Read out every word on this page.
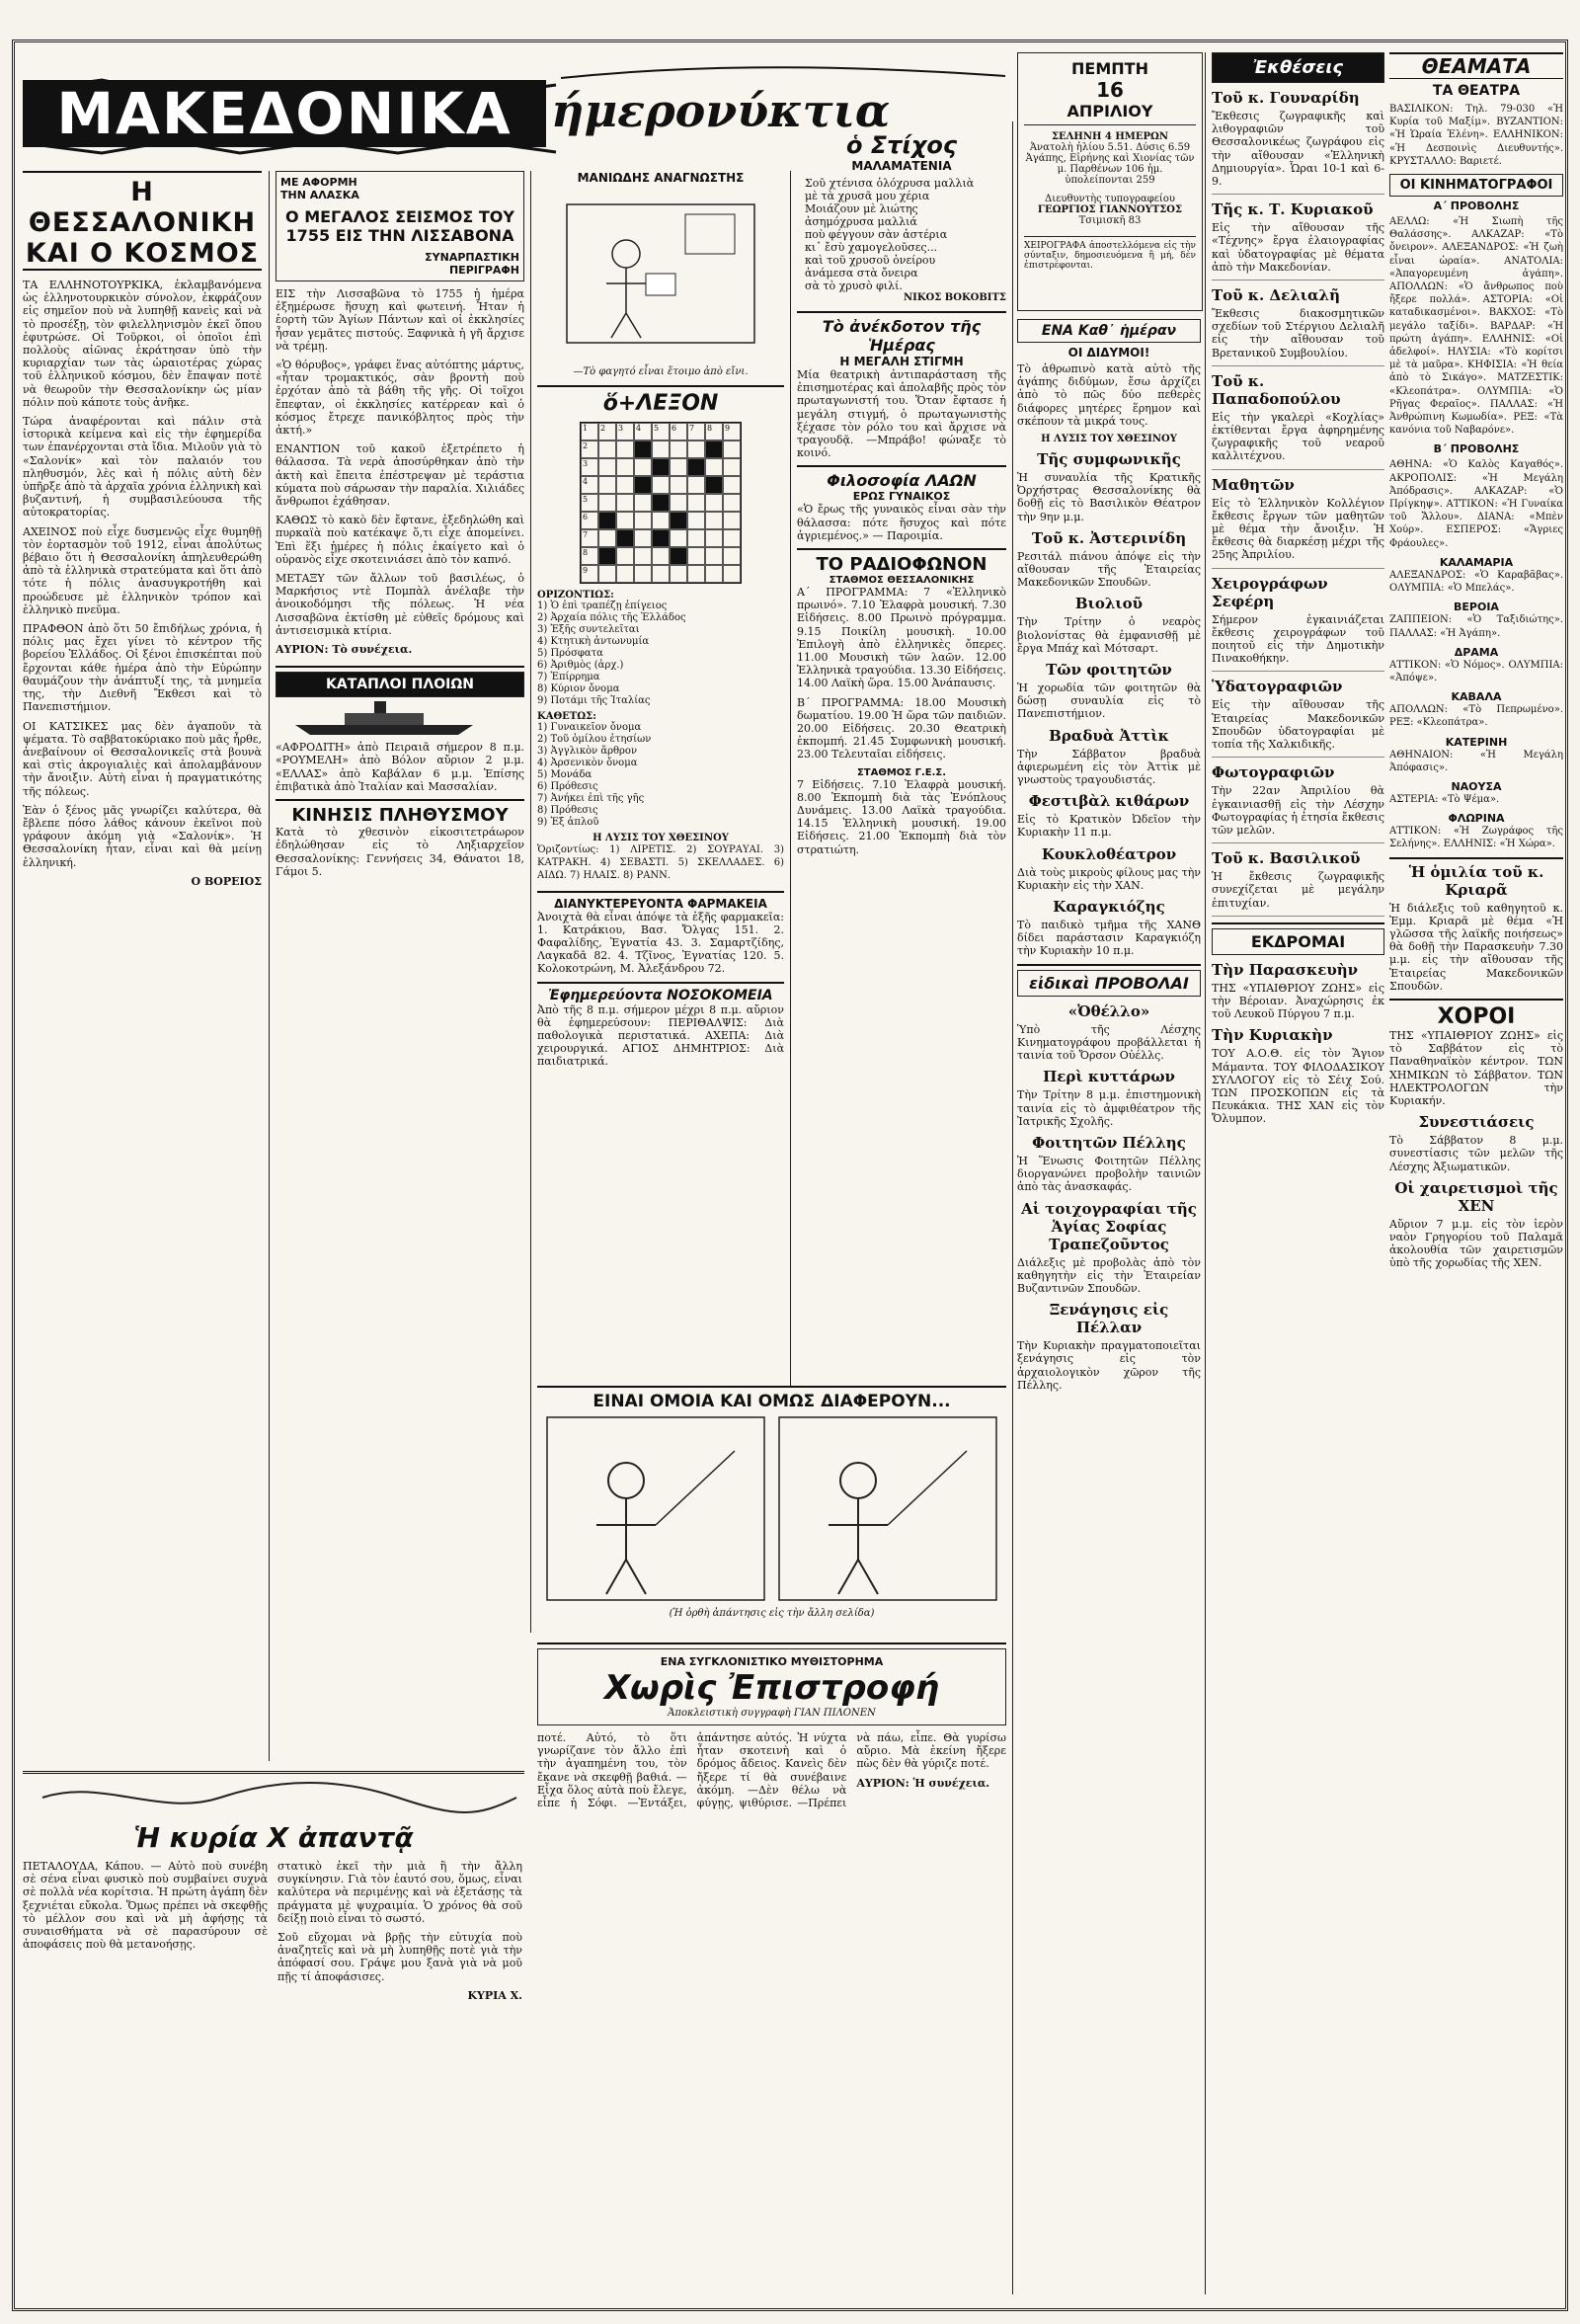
ΜΑΚΕΔΟΝΙΚΑ ήμερονύκτια
ΠΕΜΠΤΗ
16
ΑΠΡΙΛΙΟΥ
ΣΕΛΗΝΗ 4 ΗΜΕΡΩΝ
Ἀνατολὴ ἡλίου 5.51. Δύσις 6.59
Ἀγάπης, Εἰρήνης καὶ Χιονίας τῶν μ. Παρθένων 106 ἡμ. ὑπολείπονται 259
Διευθυντὴς τυπογραφείου
ΓΕΩΡΓΙΟΣ ΓΙΑΝΝΟΥΤΣΟΣ
Τσιμισκῆ 83
ΧΕΙΡΟΓΡΑΦΑ ἀποστελλόμενα εἰς τὴν σύνταξιν, δημοσιευόμενα ἢ μή, δὲν ἐπιστρέφονται.
Η ΘΕΣΣΑΛΟΝΙΚΗ
ΚΑΙ Ο ΚΟΣΜΟΣ

ΤΑ ΕΛΛΗΝΟΤΟΥΡΚΙΚΑ, ἐκλαμβανόμενα ὡς ἑλληνοτουρκικὸν σύνολον, ἐκφράζουν εἰς σημεῖον ποὺ νὰ λυπηθῇ κανεὶς καὶ νὰ τὸ προσέξῃ, τὸν φιλελληνισμὸν ἐκεῖ ὅπου ἐφυτρώσε. Οἱ Τοῦρκοι, οἱ ὁποῖοι ἐπὶ πολλοὺς αἰῶνας ἐκράτησαν ὑπὸ τὴν κυριαρχίαν των τὰς ὡραιοτέρας χώρας τοῦ ἑλληνικοῦ κόσμου, δὲν ἔπαψαν ποτὲ νὰ θεωροῦν τὴν Θεσσαλονίκην ὡς μίαν πόλιν ποὺ κάποτε τοὺς ἀνῆκε.

Τώρα ἀναφέρονται καὶ πάλιν στὰ ἰστορικὰ κείμενα καὶ εἰς τὴν ἐφημερίδα των ἐπανέρχονται στὰ ἴδια. Μιλοῦν γιὰ τὸ «Σαλονίκ» καὶ τὸν παλαιόν του πληθυσμόν, λὲς καὶ ἡ πόλις αὐτὴ δὲν ὑπῆρξε ἀπὸ τὰ ἀρχαῖα χρόνια ἑλληνικὴ καὶ βυζαντινή, ἡ συμβασιλεύουσα τῆς αὐτοκρατορίας.

ΑΧΕΙΝΟΣ ποὺ εἶχε δυσμενῶς εἶχε θυμηθῇ τὸν ἑορτασμὸν τοῦ 1912, εἶναι ἀπολύτως βέβαιο ὅτι ἡ Θεσσαλονίκη ἀπηλευθερώθη ἀπὸ τὰ ἑλληνικὰ στρατεύματα καὶ ὅτι ἀπὸ τότε ἡ πόλις ἀνασυγκροτήθη καὶ προώδευσε μὲ ἑλληνικὸν τρόπον καὶ ἑλληνικὸ πνεῦμα.

ΠΡΑΦΘΟΝ ἀπὸ ὅτι 50 ἔπιδήλως χρόνια, ἡ πόλις μας ἔχει γίνει τὸ κέντρον τῆς βορείου Ἑλλάδος. Οἱ ξένοι ἐπισκέπται ποὺ ἔρχονται κάθε ἡμέρα ἀπὸ τὴν Εὐρώπην θαυμάζουν τὴν ἀνάπτυξί της, τὰ μνημεῖα της, τὴν Διεθνῆ Ἔκθεσι καὶ τὸ Πανεπιστήμιον.

ΟΙ ΚΑΤΣΙΚΕΣ μας δὲν ἀγαποῦν τὰ ψέματα. Τὸ σαββατοκύριακο ποὺ μᾶς ἦρθε, ἀνεβαίνουν οἱ Θεσσαλονικεῖς στὰ βουνὰ καὶ στὶς ἀκρογιαλιὲς καὶ ἀπολαμβάνουν τὴν ἄνοιξιν. Αὐτὴ εἶναι ἡ πραγματικότης τῆς πόλεως.

Ἐὰν ὁ ξένος μᾶς γνωρίζει καλύτερα, θὰ ἔβλεπε πόσο λάθος κάνουν ἐκεῖνοι ποὺ γράφουν ἀκόμη γιὰ «Σαλονίκ». Ἡ Θεσσαλονίκη ἦταν, εἶναι καὶ θὰ μείνῃ ἑλληνική.

Ο ΒΟΡΕΙΟΣ

ΜΕ ΑΦΟΡΜΗ
ΤΗΝ ΑΛΑΣΚΑ
Ο ΜΕΓΑΛΟΣ ΣΕΙΣΜΟΣ ΤΟΥ 1755 ΕΙΣ ΤΗΝ ΛΙΣΣΑΒΟΝΑ
ΣΥΝΑΡΠΑΣΤΙΚΗ
ΠΕΡΙΓΡΑΦΗ

ΕΙΣ τὴν Λισσαβῶνα τὸ 1755 ἡ ἡμέρα ἐξημέρωσε ἥσυχη καὶ φωτεινή. Ἦταν ἡ ἑορτὴ τῶν Ἁγίων Πάντων καὶ οἱ ἐκκλησίες ἦσαν γεμᾶτες πιστούς. Ξαφνικὰ ἡ γῆ ἄρχισε νὰ τρέμῃ.

«Ὁ θόρυβος», γράφει ἕνας αὐτόπτης μάρτυς, «ἦταν τρομακτικός, σὰν βροντὴ ποὺ ἐρχόταν ἀπὸ τὰ βάθη τῆς γῆς. Οἱ τοῖχοι ἔπεφταν, οἱ ἐκκλησίες κατέρρεαν καὶ ὁ κόσμος ἔτρεχε πανικόβλητος πρὸς τὴν ἀκτή.»

ΕΝΑΝΤΙΟΝ τοῦ κακοῦ ἐξετρέπετο ἡ θάλασσα. Τὰ νερὰ ἀποσύρθηκαν ἀπὸ τὴν ἀκτὴ καὶ ἔπειτα ἐπέστρεψαν μὲ τεράστια κύματα ποὺ σάρωσαν τὴν παραλία. Χιλιάδες ἄνθρωποι ἐχάθησαν.

ΚΑΘΩΣ τὸ κακὸ δὲν ἔφτανε, ἐξεδηλώθη καὶ πυρκαϊὰ ποὺ κατέκαψε ὅ,τι εἶχε ἀπομείνει. Ἐπὶ ἕξι ἡμέρες ἡ πόλις ἐκαίγετο καὶ ὁ οὐρανὸς εἶχε σκοτεινιάσει ἀπὸ τὸν καπνό.

ΜΕΤΑΞΥ τῶν ἄλλων τοῦ βασιλέως, ὁ Μαρκήσιος ντὲ Πομπὰλ ἀνέλαβε τὴν ἀνοικοδόμησι τῆς πόλεως. Ἡ νέα Λισσαβῶνα ἐκτίσθη μὲ εὐθεῖς δρόμους καὶ ἀντισεισμικὰ κτίρια.

ΑΥΡΙΟΝ: Τὸ συνέχεια.

ΚΑΤΑΠΛΟΙ ΠΛΟΙΩΝ

«ΑΦΡΟΔΙΤΗ» ἀπὸ Πειραιᾶ σήμερον 8 π.μ. «ΡΟΥΜΕΛΗ» ἀπὸ Βόλον αὔριον 2 μ.μ. «ΕΛΛΑΣ» ἀπὸ Καβάλαν 6 μ.μ. Ἐπίσης ἐπιβατικὰ ἀπὸ Ἰταλίαν καὶ Μασσαλίαν.

ΚΙΝΗΣΙΣ ΠΛΗΘΥΣΜΟΥ

Κατὰ τὸ χθεσινὸν εἰκοσιτετράωρον ἐδηλώθησαν εἰς τὸ Ληξιαρχεῖον Θεσσαλονίκης: Γεννήσεις 34, Θάνατοι 18, Γάμοι 5.

ΜΑΝΙΩΔΗΣ ΑΝΑΓΝΩΣΤΗΣ
—Τὸ φαγητό εἶναι ἕτοιμο ἀπὸ εἴνι.
ὅ+ΛΕΞΟΝ
1	2	3	4	5	6	7	8	9
2
3
4
5
6
7
8
9
ΟΡΙΖΟΝΤΙΩΣ:
1) Ὁ ἐπὶ τραπέζῃ ἐπίγειος
2) Ἀρχαία πόλις τῆς Ἑλλάδος
3) Ἐξῆς συντελεῖται
4) Κτητικὴ ἀντωνυμία
5) Πρόσφατα
6) Ἀριθμὸς (ἀρχ.)
7) Ἐπίρρημα
8) Κύριον ὄνομα
9) Ποτάμι τῆς Ἰταλίας
ΚΑΘΕΤΩΣ:
1) Γυναικεῖον ὄνομα
2) Τοῦ ὁμίλου ἐτησίων
3) Ἀγγλικὸν ἄρθρον
4) Ἀρσενικὸν ὄνομα
5) Μονάδα
6) Πρόθεσις
7) Ἀνήκει ἐπὶ τῆς γῆς
8) Πρόθεσις
9) Ἐξ ἀπλοῦ
Η ΛΥΣΙΣ ΤΟΥ ΧΘΕΣΙΝΟΥ

Ὁριζοντίως: 1) ΛΙΡΕΤΙΣ. 2) ΣΟΥΡΑΥΑΙ. 3) ΚΑΤΡΑΚΗ. 4) ΣΕΒΑΣΤΙ. 5) ΣΚΕΛΛΑΔΕΣ. 6) ΑΙΔΩ. 7) ΗΛΑΙΣ. 8) ΡΑΝΝ.

ΔΙΑΝΥΚΤΕΡΕΥΟΝΤΑ ΦΑΡΜΑΚΕΙΑ

Ἀνοιχτὰ θὰ εἶναι ἀπόψε τὰ ἑξῆς φαρμακεῖα: 1. Κατράκιου, Βασ. Ὄλγας 151. 2. Φαφαλίδης, Ἐγνατία 43. 3. Σαμαρτζίδης, Λαγκαδᾶ 82. 4. Τζῖνος, Ἐγνατίας 120. 5. Κολοκοτρώνη, Μ. Ἀλεξάνδρου 72.

Ἐφημερεύοντα ΝΟΣΟΚΟΜΕΙΑ

Ἀπὸ τῆς 8 π.μ. σήμερον μέχρι 8 π.μ. αὔριον θὰ ἐφημερεύσουν: ΠΕΡΙΘΑΛΨΙΣ: Διὰ παθολογικὰ περιστατικά. ΑΧΕΠΑ: Διὰ χειρουργικά. ΑΓΙΟΣ ΔΗΜΗΤΡΙΟΣ: Διὰ παιδιατρικά.

ὁ Στίχος
ΜΑΛΑΜΑΤΕΝΙΑ
Σοῦ χτένισα ὁλόχρυσα μαλλιὰ
μὲ τὰ χρυσᾶ μου χέρια
Μοιάζουν μὲ λιώτης
ἀσημόχρυσα μαλλιά
ποὺ φέγγουν σὰν ἀστέρια
κι᾿ ἔσὺ χαμογελοῦσες...
καὶ τοῦ χρυσοῦ ὀνείρου
ἀνάμεσα στὰ ὄνειρα
σὰ τὸ χρυσὸ φιλί.
ΝΙΚΟΣ ΒΟΚΟΒΙΤΣ
Τὸ ἀνέκδοτον τῆς Ἡμέρας
Η ΜΕΓΑΛΗ ΣΤΙΓΜΗ

Μία θεατρικὴ ἀντιπαράσταση τῆς ἐπισημοτέρας καὶ ἀπολαβῆς πρὸς τὸν πρωταγωνιστή του. Ὅταν ἔφτασε ἡ μεγάλη στιγμή, ὁ πρωταγωνιστὴς ξέχασε τὸν ρόλο του καὶ ἄρχισε νὰ τραγουδᾷ. —Μπράβο! φώναξε τὸ κοινό.

Φιλοσοφία ΛΑΩΝ
ΕΡΩΣ ΓΥΝΑΙΚΟΣ

«Ὁ ἔρως τῆς γυναικὸς εἶναι σὰν τὴν θάλασσα: πότε ἥσυχος καὶ πότε ἀγριεμένος.» — Παροιμία.

ΤΟ ΡΑΔΙΟΦΩΝΟΝ
ΣΤΑΘΜΟΣ ΘΕΣΣΑΛΟΝΙΚΗΣ

Α΄ ΠΡΟΓΡΑΜΜΑ: 7 «Ἑλληνικὸ πρωινό». 7.10 Ἐλαφρὰ μουσική. 7.30 Εἰδήσεις. 8.00 Πρωινὸ πρόγραμμα. 9.15 Ποικίλη μουσικὴ. 10.00 Ἐπιλογὴ ἀπὸ ἐλληνικὲς ὄπερες. 11.00 Μουσικὴ τῶν λαῶν. 12.00 Ἑλληνικὰ τραγούδια. 13.30 Εἰδήσεις. 14.00 Λαϊκὴ ὥρα. 15.00 Ἀνάπαυσις.

Β΄ ΠΡΟΓΡΑΜΜΑ: 18.00 Μουσικὴ δωματίου. 19.00 Ἡ ὥρα τῶν παιδιῶν. 20.00 Εἰδήσεις. 20.30 Θεατρικὴ ἐκπομπή. 21.45 Συμφωνικὴ μουσική. 23.00 Τελευταῖαι εἰδήσεις.

ΣΤΑΘΜΟΣ Γ.Ε.Σ.

7 Εἰδήσεις. 7.10 Ἐλαφρὰ μουσική. 8.00 Ἐκπομπὴ διὰ τὰς Ἐνόπλους Δυνάμεις. 13.00 Λαϊκὰ τραγούδια. 14.15 Ἑλληνικὴ μουσική. 19.00 Εἰδήσεις. 21.00 Ἐκπομπὴ διὰ τὸν στρατιώτη.

ΕΝΑ Καθ᾿ ἡμέραν
ΟΙ ΔΙΔΥΜΟΙ!

Τὸ ἀθρωπινὸ κατὰ αὐτὸ τῆς ἀγάπης διδύμων, ἔσω ἀρχίζει ἀπὸ τὸ πῶς δύο πεθερὲς διάφορες μητέρες ἕρημον καὶ σκέπουν τὰ μικρά τους.

Η ΛΥΣΙΣ ΤΟΥ ΧΘΕΣΙΝΟΥ
Τῆς συμφωνικῆς

Ἡ συναυλία τῆς Κρατικῆς Ὀρχήστρας Θεσσαλονίκης θὰ δοθῇ εἰς τὸ Βασιλικὸν Θέατρον τὴν 9ην μ.μ.

Τοῦ κ. Ἀστερινίδη

Ρεσιτάλ πιάνου ἀπόψε εἰς τὴν αἴθουσαν τῆς Ἑταιρείας Μακεδονικῶν Σπουδῶν.

Βιολιοῦ

Τὴν Τρίτην ὁ νεαρὸς βιολονίστας θὰ ἐμφανισθῇ μὲ ἔργα Μπάχ καὶ Μότσαρτ.

Τῶν φοιτητῶν

Ἡ χορωδία τῶν φοιτητῶν θὰ δώσῃ συναυλία εἰς τὸ Πανεπιστήμιον.

Βραδυὰ Ἀττὶκ

Τὴν Σάββατον βραδυὰ ἀφιερωμένη εἰς τὸν Ἀττὶκ μὲ γνωστοὺς τραγουδιστάς.

Φεστιβὰλ κιθάρων

Εἰς τὸ Κρατικὸν Ὠδεῖον τὴν Κυριακὴν 11 π.μ.

Κουκλοθέατρον

Διὰ τοὺς μικροὺς φίλους μας τὴν Κυριακὴν εἰς τὴν ΧΑΝ.

Καραγκιόζης

Τὸ παιδικὸ τμῆμα τῆς ΧΑΝΘ δίδει παράστασιν Καραγκιόζη τὴν Κυριακὴν 10 π.μ.

εἰδικαὶ ΠΡΟΒΟΛΑΙ
«Ὀθέλλο»

Ὑπὸ τῆς Λέσχης Κινηματογράφου προβάλλεται ἡ ταινία τοῦ Ὄρσον Οὐέλλς.

Περὶ κυττάρων

Τὴν Τρίτην 8 μ.μ. ἐπιστημονικὴ ταινία εἰς τὸ ἀμφιθέατρον τῆς Ἰατρικῆς Σχολῆς.

Φοιτητῶν Πέλλης

Ἡ Ἕνωσις Φοιτητῶν Πέλλης διοργανώνει προβολὴν ταινιῶν ἀπὸ τὰς ἀνασκαφάς.

Αἱ τοιχογραφίαι τῆς Ἁγίας Σοφίας Τραπεζοῦντος

Διάλεξις μὲ προβολὰς ἀπὸ τὸν καθηγητὴν εἰς τὴν Ἑταιρείαν Βυζαντινῶν Σπουδῶν.

Ξενάγησις εἰς Πέλλαν

Τὴν Κυριακὴν πραγματοποιεῖται ξενάγησις εἰς τὸν ἀρχαιολογικὸν χῶρον τῆς Πέλλης.

Ἐκθέσεις
Τοῦ κ. Γουναρίδη

Ἔκθεσις ζωγραφικῆς καὶ λιθογραφιῶν τοῦ Θεσσαλονικέως ζωγράφου εἰς τὴν αἴθουσαν «Ἑλληνικὴ Δημιουργία». Ὧραι 10-1 καὶ 6-9.

Τῆς κ. Τ. Κυριακοῦ

Εἰς τὴν αἴθουσαν τῆς «Τέχνης» ἔργα ἐλαιογραφίας καὶ ὑδατογραφίας μὲ θέματα ἀπὸ τὴν Μακεδονίαν.

Τοῦ κ. Δελιαλῆ

Ἔκθεσις διακοσμητικῶν σχεδίων τοῦ Στέργιου Δελιαλῆ εἰς τὴν αἴθουσαν τοῦ Βρετανικοῦ Συμβουλίου.

Τοῦ κ. Παπαδοπούλου

Εἰς τὴν γκαλερὶ «Κοχλίας» ἐκτίθενται ἔργα ἀφηρημένης ζωγραφικῆς τοῦ νεαροῦ καλλιτέχνου.

Μαθητῶν

Εἰς τὸ Ἑλληνικὸν Κολλέγιον ἔκθεσις ἔργων τῶν μαθητῶν μὲ θέμα τὴν ἄνοιξιν. Ἡ ἔκθεσις θὰ διαρκέσῃ μέχρι τῆς 25ης Ἀπριλίου.

Χειρογράφων Σεφέρη

Σήμερον ἐγκαινιάζεται ἔκθεσις χειρογράφων τοῦ ποιητοῦ εἰς τὴν Δημοτικὴν Πινακοθήκην.

Ὑδατογραφιῶν

Εἰς τὴν αἴθουσαν τῆς Ἑταιρείας Μακεδονικῶν Σπουδῶν ὑδατογραφίαι μὲ τοπία τῆς Χαλκιδικῆς.

Φωτογραφιῶν

Τὴν 22αν Ἀπριλίου θὰ ἐγκαινιασθῇ εἰς τὴν Λέσχην Φωτογραφίας ἡ ἐτησία ἔκθεσις τῶν μελῶν.

Τοῦ κ. Βασιλικοῦ

Ἡ ἔκθεσις ζωγραφικῆς συνεχίζεται μὲ μεγάλην ἐπιτυχίαν.

ΕΚΔΡΟΜΑΙ
Τὴν Παρασκευὴν

ΤΗΣ «ΥΠΑΙΘΡΙΟΥ ΖΩΗΣ» εἰς τὴν Βέροιαν. Ἀναχώρησις ἐκ τοῦ Λευκοῦ Πύργου 7 π.μ.

Τὴν Κυριακὴν

ΤΟΥ Α.Ο.Θ. εἰς τὸν Ἅγιον Μάμαντα. ΤΟΥ ΦΙΛΟΔΑΣΙΚΟΥ ΣΥΛΛΟΓΟΥ εἰς τὸ Σέιχ Σού. ΤΩΝ ΠΡΟΣΚΟΠΩΝ εἰς τὰ Πευκάκια. ΤΗΣ ΧΑΝ εἰς τὸν Ὄλυμπον.

ΘΕΑΜΑΤΑ
ΤΑ ΘΕΑΤΡΑ

ΒΑΣΙΛΙΚΟΝ: Τηλ. 79-030 «Ἡ Κυρία τοῦ Μαξίμ». ΒΥΖΑΝΤΙΟΝ: «Ἡ Ὡραία Ἑλένη». ΕΛΛΗΝΙΚΟΝ: «Ἡ Δεσποινὶς Διευθυντής». ΚΡΥΣΤΑΛΛΟ: Βαριετέ.

ΟΙ ΚΙΝΗΜΑΤΟΓΡΑΦΟΙ
Α΄ ΠΡΟΒΟΛΗΣ

ΑΕΛΛΩ: «Ἡ Σιωπὴ τῆς Θαλάσσης». ΑΛΚΑΖΑΡ: «Τὸ ὄνειρον». ΑΛΕΞΑΝΔΡΟΣ: «Ἡ ζωὴ εἶναι ὡραία». ΑΝΑΤΟΛΙΑ: «Ἀπαγορευμένη ἀγάπη». ΑΠΟΛΛΩΝ: «Ὁ ἄνθρωπος ποὺ ἤξερε πολλά». ΑΣΤΟΡΙΑ: «Οἱ καταδικασμένοι». ΒΑΚΧΟΣ: «Τὸ μεγάλο ταξίδι». ΒΑΡΔΑΡ: «Ἡ πρώτη ἀγάπη». ΕΛΛΗΝΙΣ: «Οἱ ἀδελφοί». ΗΛΥΣΙΑ: «Τὸ κορίτσι μὲ τὰ μαῦρα». ΚΗΦΙΣΙΑ: «Ἡ θεία ἀπὸ τὸ Σικάγο». ΜΑΤΖΕΣΤΙΚ: «Κλεοπάτρα». ΟΛΥΜΠΙΑ: «Ὁ Ρῆγας Φεραῖος». ΠΑΛΛΑΣ: «Ἡ Ἀνθρώπινη Κωμωδία». ΡΕΞ: «Τὰ κανόνια τοῦ Ναβαρόνε».

Β΄ ΠΡΟΒΟΛΗΣ

ΑΘΗΝΑ: «Ὁ Καλὸς Καγαθός». ΑΚΡΟΠΟΛΙΣ: «Ἡ Μεγάλη Ἀπόδρασις». ΑΛΚΑΖΑΡ: «Ὁ Πρίγκηψ». ΑΤΤΙΚΟΝ: «Ἡ Γυναίκα τοῦ Ἄλλου». ΔΙΑΝΑ: «Μπὲν Χούρ». ΕΣΠΕΡΟΣ: «Ἄγριες Φράουλες».

ΚΑΛΑΜΑΡΙΑ

ΑΛΕΞΑΝΔΡΟΣ: «Ὁ Καραβᾶβας». ΟΛΥΜΠΙΑ: «Ὁ Μπελάς».

ΒΕΡΟΙΑ

ΖΑΠΠΕΙΟΝ: «Ὁ Ταξιδιώτης». ΠΑΛΛΑΣ: «Ἡ Ἀγάπη».

ΔΡΑΜΑ

ΑΤΤΙΚΟΝ: «Ὁ Νόμος». ΟΛΥΜΠΙΑ: «Ἀπόψε».

ΚΑΒΑΛΑ

ΑΠΟΛΛΩΝ: «Τὸ Πεπρωμένο». ΡΕΞ: «Κλεοπάτρα».

ΚΑΤΕΡΙΝΗ

ΑΘΗΝΑΙΟΝ: «Ἡ Μεγάλη Ἀπόφασις».

ΝΑΟΥΣΑ

ΑΣΤΕΡΙΑ: «Τὸ Ψέμα».

ΦΛΩΡΙΝΑ

ΑΤΤΙΚΟΝ: «Ἡ Ζωγράφος τῆς Σελήνης». ΕΛΛΗΝΙΣ: «Ἡ Χώρα».

Ἡ ὁμιλία τοῦ κ. Κριαρᾶ

Ἡ διάλεξις τοῦ καθηγητοῦ κ. Ἐμμ. Κριαρᾶ μὲ θέμα «Ἡ γλῶσσα τῆς λαϊκῆς ποιήσεως» θὰ δοθῇ τὴν Παρασκευὴν 7.30 μ.μ. εἰς τὴν αἴθουσαν τῆς Ἑταιρείας Μακεδονικῶν Σπουδῶν.

ΧΟΡΟΙ

ΤΗΣ «ΥΠΑΙΘΡΙΟΥ ΖΩΗΣ» εἰς τὸ Σαββάτον εἰς τὸ Παναθηναϊκὸν κέντρον. ΤΩΝ ΧΗΜΙΚΩΝ τὸ Σάββατον. ΤΩΝ ΗΛΕΚΤΡΟΛΟΓΩΝ τὴν Κυριακήν.

Συνεστιάσεις

Τὸ Σάββατον 8 μ.μ. συνεστίασις τῶν μελῶν τῆς Λέσχης Ἀξιωματικῶν.

Οἱ χαιρετισμοὶ τῆς ΧΕΝ

Αὔριον 7 μ.μ. εἰς τὸν ἱερὸν ναὸν Γρηγορίου τοῦ Παλαμᾶ ἀκολουθία τῶν χαιρετισμῶν ὑπὸ τῆς χορωδίας τῆς ΧΕΝ.

ΕΙΝΑΙ ΟΜΟΙΑ ΚΑΙ ΟΜΩΣ ΔΙΑΦΕΡΟΥΝ...
(Ἡ ὀρθὴ ἀπάντησις εἰς τὴν ἄλλη σελίδα)
Ἡ κυρία Χ ἀπαντᾷ

ΠΕΤΑΛΟΥΔΑ, Κάπου. — Αὐτὸ ποὺ συνέβη σὲ σένα εἶναι φυσικὸ ποὺ συμβαίνει συχνὰ σὲ πολλὰ νέα κορίτσια. Ἡ πρώτη ἀγάπη δὲν ξεχνιέται εὔκολα. Ὅμως πρέπει νὰ σκεφθῇς τὸ μέλλον σου καὶ νὰ μὴ ἀφήσῃς τὰ συναισθήματα νὰ σὲ παρασύρουν σὲ ἀποφάσεις ποὺ θὰ μετανοήσῃς.

στατικὸ ἐκεῖ τὴν μιὰ ἢ τὴν ἄλλη συγκίνησιν. Γιὰ τὸν ἑαυτό σου, ὅμως, εἶναι καλύτερα νὰ περιμένῃς καὶ νὰ ἐξετάσῃς τὰ πράγματα μὲ ψυχραιμία. Ὁ χρόνος θὰ σοῦ δείξῃ ποιὸ εἶναι τὸ σωστό.

Σοῦ εὔχομαι νὰ βρῇς τὴν εὐτυχία ποὺ ἀναζητεῖς καὶ νὰ μὴ λυπηθῇς ποτὲ γιὰ τὴν ἀπόφασί σου. Γράψε μου ξανὰ γιὰ νὰ μοῦ πῇς τί ἀποφάσισες.

ΚΥΡΙΑ Χ.

ΕΝΑ ΣΥΓΚΛΟΝΙΣΤΙΚΟ ΜΥΘΙΣΤΟΡΗΜΑ
Χωρὶς Ἐπιστροφή
Ἀποκλειστικὴ συγγραφὴ ΓΙΑΝ ΠΙΛΟΝΕΝ

ποτέ. Αὐτό, τὸ ὅτι γνωρίζανε τὸν ἄλλο ἐπὶ τὴν ἀγαπημένη του, τὸν ἔκανε νὰ σκεφθῇ βαθιά. —Εἶχα ὅλος αὐτὰ ποὺ ἔλεγε, εἶπε ἡ Σόφι. —Ἐντάξει, ἀπάντησε αὐτός. Ἡ νύχτα ἦταν σκοτεινὴ καὶ ὁ δρόμος ἄδειος. Κανεὶς δὲν ἤξερε τί θὰ συνέβαινε ἀκόμη. —Δὲν θέλω νὰ φύγῃς, ψιθύρισε. —Πρέπει νὰ πάω, εἶπε. Θὰ γυρίσω αὔριο. Μὰ ἐκείνη ἤξερε πὼς δὲν θὰ γύριζε ποτέ.

ΑΥΡΙΟΝ: Ἡ συνέχεια.
